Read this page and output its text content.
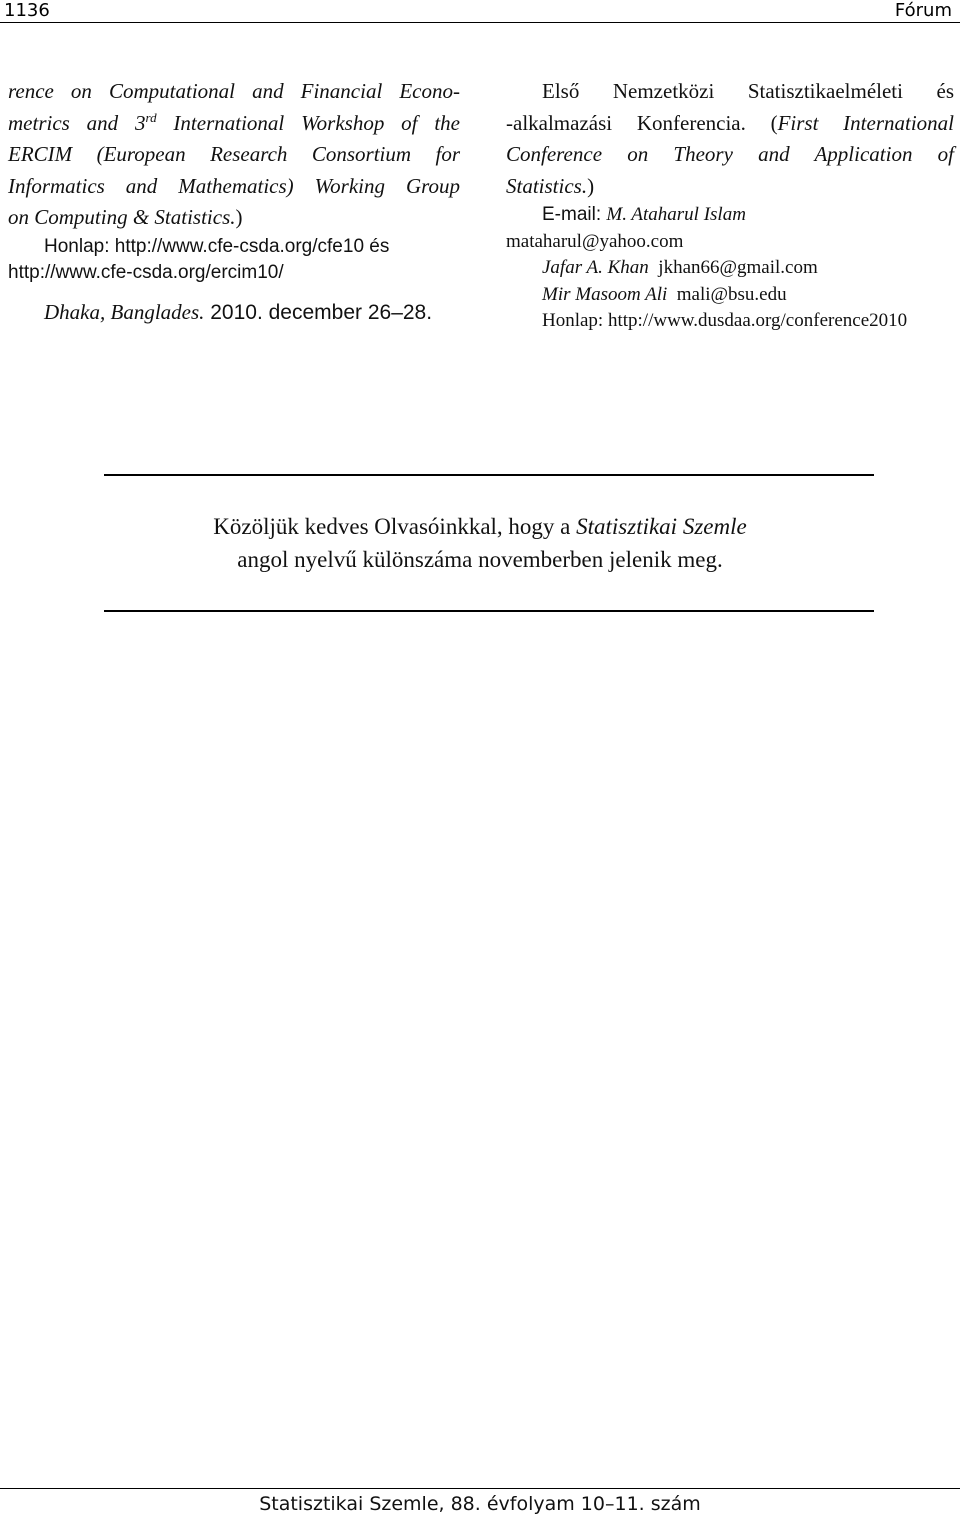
1136	Fórum
rence on Computational and Financial Econo-
metrics and 3rd International Workshop of the
ERCIM (European Research Consortium for
Informatics and Mathematics) Working Group
on Computing & Statistics.)
Honlap: http://www.cfe-csda.org/cfe10 és
http://www.cfe-csda.org/ercim10/
Dhaka, Banglades. 2010. december 26–28.
Első Nemzetközi Statisztikaelméleti és
-alkalmazási Konferencia. (First International
Conference on Theory and Application of
Statistics.)
E-mail: M. Ataharul Islam
mataharul@yahoo.com
Jafar A. Khan jkhan66@gmail.com
Mir Masoom Ali mali@bsu.edu
Honlap: http://www.dusdaa.org/conference2010
Közöljük kedves Olvasóinkkal, hogy a Statisztikai Szemle
angol nyelvű különszáma novemberben jelenik meg.
Statisztikai Szemle, 88. évfolyam 10–11. szám
